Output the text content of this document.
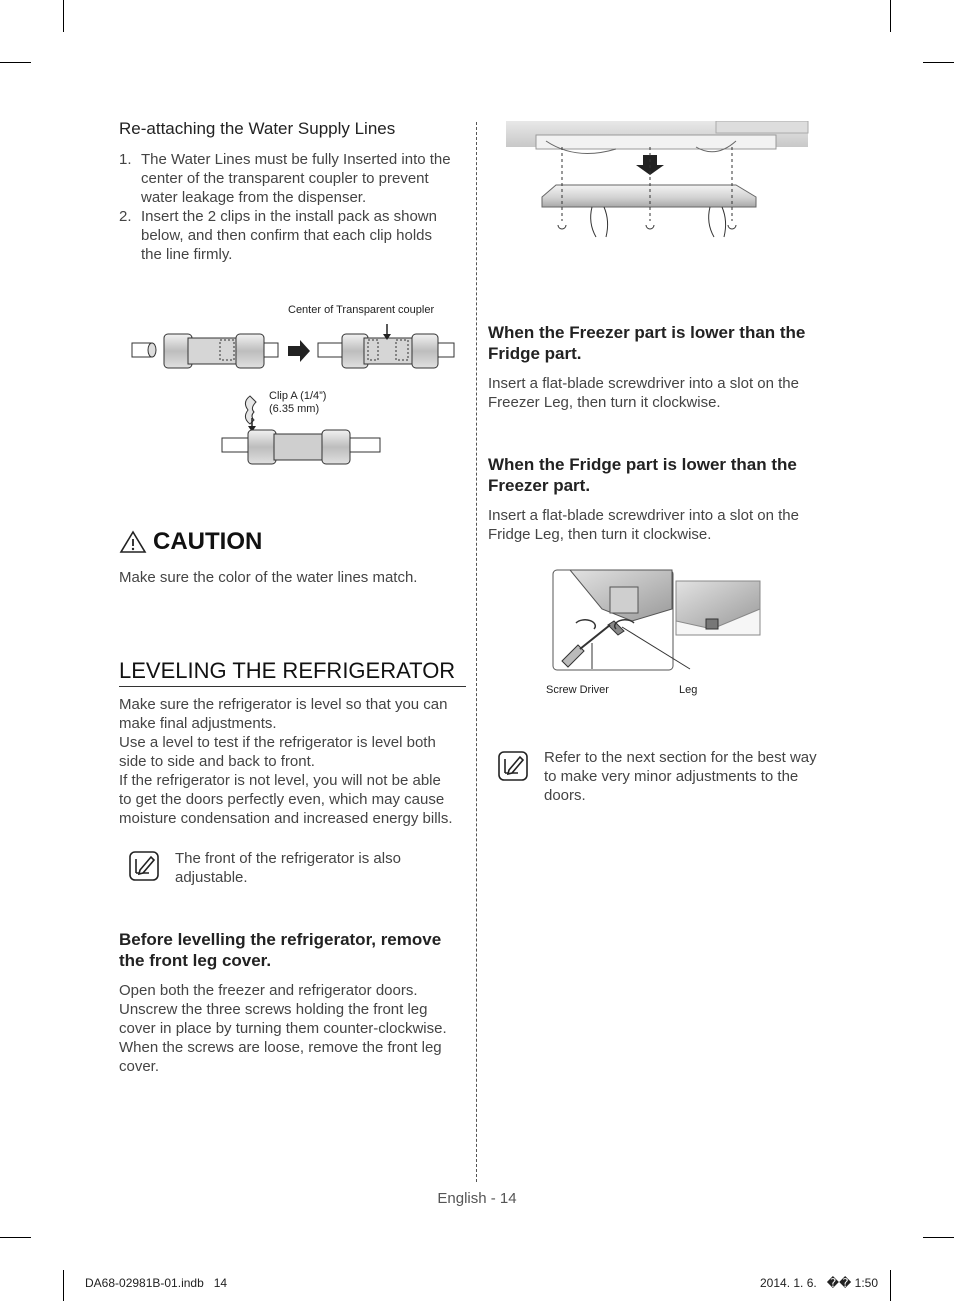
Re-attaching the Water Supply Lines
1. The Water Lines must be fully Inserted into the
center of the transparent coupler to prevent
water leakage from the dispenser.
2. Insert the 2 clips in the install pack as shown
below, and then confirm that each clip holds
the line firmly.
Center of Transparent coupler
Clip A (1/4”)
(6.35 mm)
CAUTION
Make sure the color of the water lines match.
LEVELING THE REFRIGERATOR
Make sure the refrigerator is level so that you can
make final adjustments.
Use a level to test if the refrigerator is level both
side to side and back to front.
If the refrigerator is not level, you will not be able
to get the doors perfectly even, which may cause
moisture condensation and increased energy bills.
The front of the refrigerator is also
adjustable.
Before levelling the refrigerator, remove
the front leg cover.
Open both the freezer and refrigerator doors.
Unscrew the three screws holding the front leg
cover in place by turning them counter-clockwise.
When the screws are loose, remove the front leg
cover.
When the Freezer part is lower than the
Fridge part.
Insert a flat-blade screwdriver into a slot on the
Freezer Leg, then turn it clockwise.
When the Fridge part is lower than the
Freezer part.
Insert a flat-blade screwdriver into a slot on the
Fridge Leg, then turn it clockwise.
Screw Driver	Leg
Refer to the next section for the best way
to make very minor adjustments to the
doors.
English - 14
DA68-02981B-01.indb   14	2014. 1. 6.   �� 1:50
